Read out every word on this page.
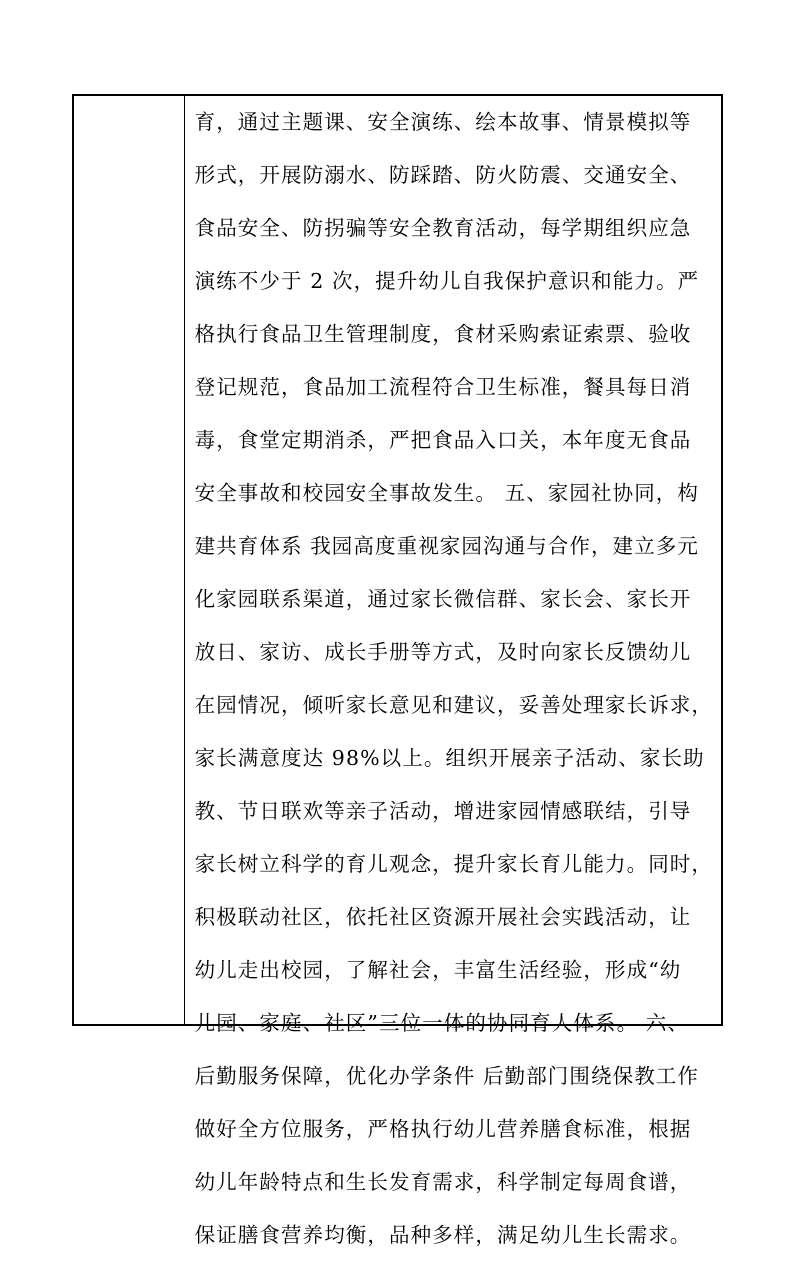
育，通过主题课、安全演练、绘本故事、情景模拟等
形式，开展防溺水、防踩踏、防火防震、交通安全、
食品安全、防拐骗等安全教育活动，每学期组织应急
演练不少于 2 次，提升幼儿自我保护意识和能力。严
格执行食品卫生管理制度，食材采购索证索票、验收
登记规范，食品加工流程符合卫生标准，餐具每日消
毒，食堂定期消杀，严把食品入口关，本年度无食品
安全事故和校园安全事故发生。 五、家园社协同，构
建共育体系 我园高度重视家园沟通与合作，建立多元
化家园联系渠道，通过家长微信群、家长会、家长开
放日、家访、成长手册等方式，及时向家长反馈幼儿
在园情况，倾听家长意见和建议，妥善处理家长诉求，
家长满意度达 98%以上。组织开展亲子活动、家长助
教、节日联欢等亲子活动，增进家园情感联结，引导
家长树立科学的育儿观念，提升家长育儿能力。同时，
积极联动社区，依托社区资源开展社会实践活动，让
幼儿走出校园，了解社会，丰富生活经验，形成“幼
儿园、家庭、社区”三位一体的协同育人体系。 六、
后勤服务保障，优化办学条件 后勤部门围绕保教工作
做好全方位服务，严格执行幼儿营养膳食标准，根据
幼儿年龄特点和生长发育需求，科学制定每周食谱，
保证膳食营养均衡，品种多样，满足幼儿生长需求。
